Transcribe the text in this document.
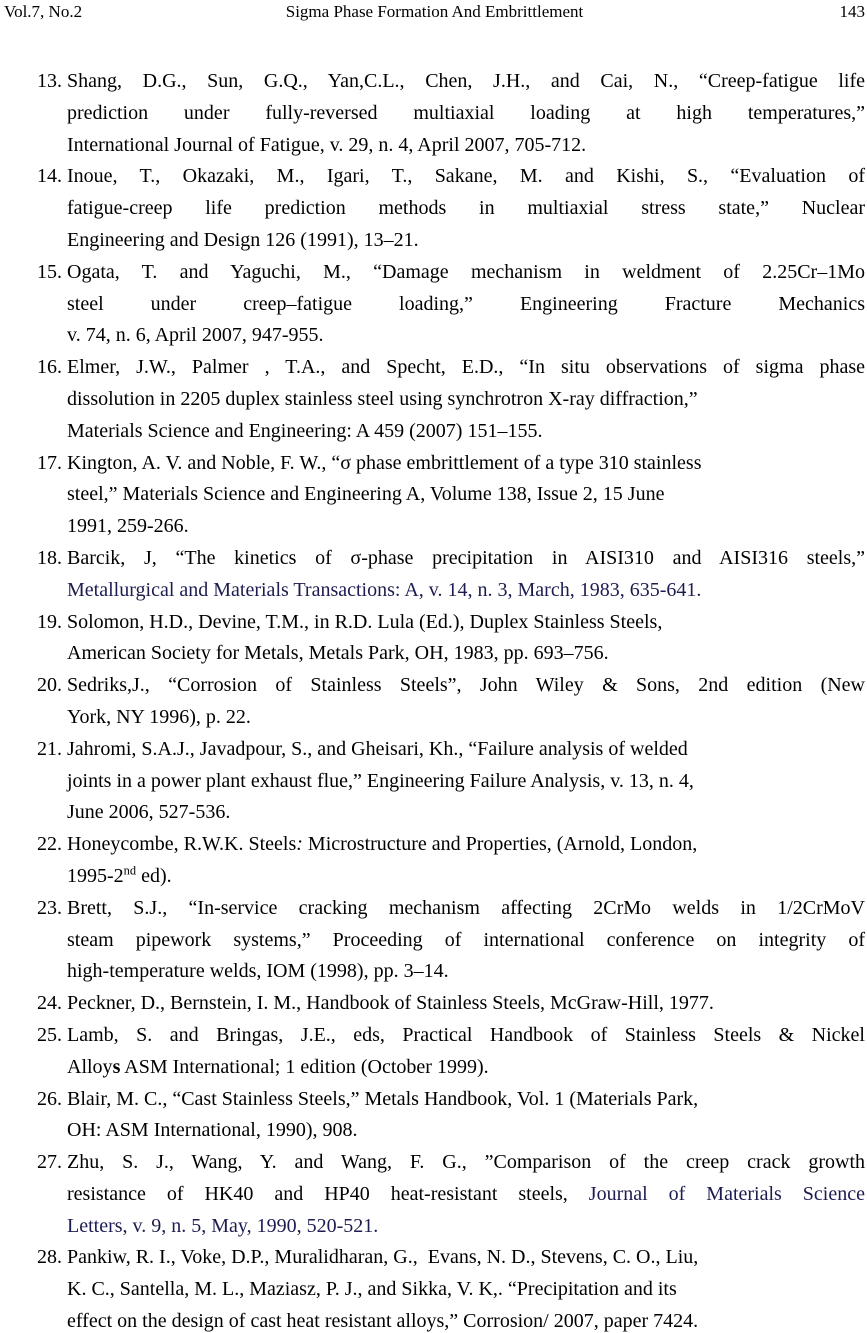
Vol.7, No.2	Sigma Phase Formation And Embrittlement	143
13. Shang, D.G., Sun, G.Q., Yan,C.L., Chen, J.H., and Cai, N., “Creep-fatigue life
prediction under fully-reversed multiaxial loading at high temperatures,”
International Journal of Fatigue, v. 29, n. 4, April 2007, 705-712.
14. Inoue, T., Okazaki, M., Igari, T., Sakane, M. and Kishi, S., “Evaluation of
fatigue-creep life prediction methods in multiaxial stress state,” Nuclear
Engineering and Design 126 (1991), 13–21.
15. Ogata, T. and Yaguchi, M., “Damage mechanism in weldment of 2.25Cr–1Mo
steel under creep–fatigue loading,” Engineering Fracture Mechanics
v. 74, n. 6, April 2007, 947-955.
16. Elmer, J.W., Palmer , T.A., and Specht, E.D., “In situ observations of sigma phase
dissolution in 2205 duplex stainless steel using synchrotron X-ray diffraction,”
Materials Science and Engineering: A 459 (2007) 151–155.
17. Kington, A. V. and Noble, F. W., “σ phase embrittlement of a type 310 stainless
steel,” Materials Science and Engineering A, Volume 138, Issue 2, 15 June
1991, 259-266.
18. Barcik, J, “The kinetics of σ-phase precipitation in AISI310 and AISI316 steels,”
Metallurgical and Materials Transactions: A, v. 14, n. 3, March, 1983, 635-641.
19. Solomon, H.D., Devine, T.M., in R.D. Lula (Ed.), Duplex Stainless Steels,
American Society for Metals, Metals Park, OH, 1983, pp. 693–756.
20. Sedriks,J., “Corrosion of Stainless Steels”, John Wiley & Sons, 2nd edition (New
York, NY 1996), p. 22.
21. Jahromi, S.A.J., Javadpour, S., and Gheisari, Kh., “Failure analysis of welded
joints in a power plant exhaust flue,” Engineering Failure Analysis, v. 13, n. 4,
June 2006, 527-536.
22. Honeycombe, R.W.K. Steels: Microstructure and Properties, (Arnold, London,
1995-2nd ed).
23. Brett, S.J., “In-service cracking mechanism affecting 2CrMo welds in 1/2CrMoV
steam pipework systems,” Proceeding of international conference on integrity of
high-temperature welds, IOM (1998), pp. 3–14.
24. Peckner, D., Bernstein, I. M., Handbook of Stainless Steels, McGraw-Hill, 1977.
25. Lamb, S. and Bringas, J.E., eds, Practical Handbook of Stainless Steels & Nickel
Alloys ASM International; 1 edition (October 1999).
26. Blair, M. C., “Cast Stainless Steels,” Metals Handbook, Vol. 1 (Materials Park,
OH: ASM International, 1990), 908.
27. Zhu, S. J., Wang, Y. and Wang, F. G., ”Comparison of the creep crack growth
resistance of HK40 and HP40 heat-resistant steels, Journal of Materials Science
Letters, v. 9, n. 5, May, 1990, 520-521.
28. Pankiw, R. I., Voke, D.P., Muralidharan, G.,  Evans, N. D., Stevens, C. O., Liu,
K. C., Santella, M. L., Maziasz, P. J., and Sikka, V. K,. “Precipitation and its
effect on the design of cast heat resistant alloys,” Corrosion/ 2007, paper 7424.
